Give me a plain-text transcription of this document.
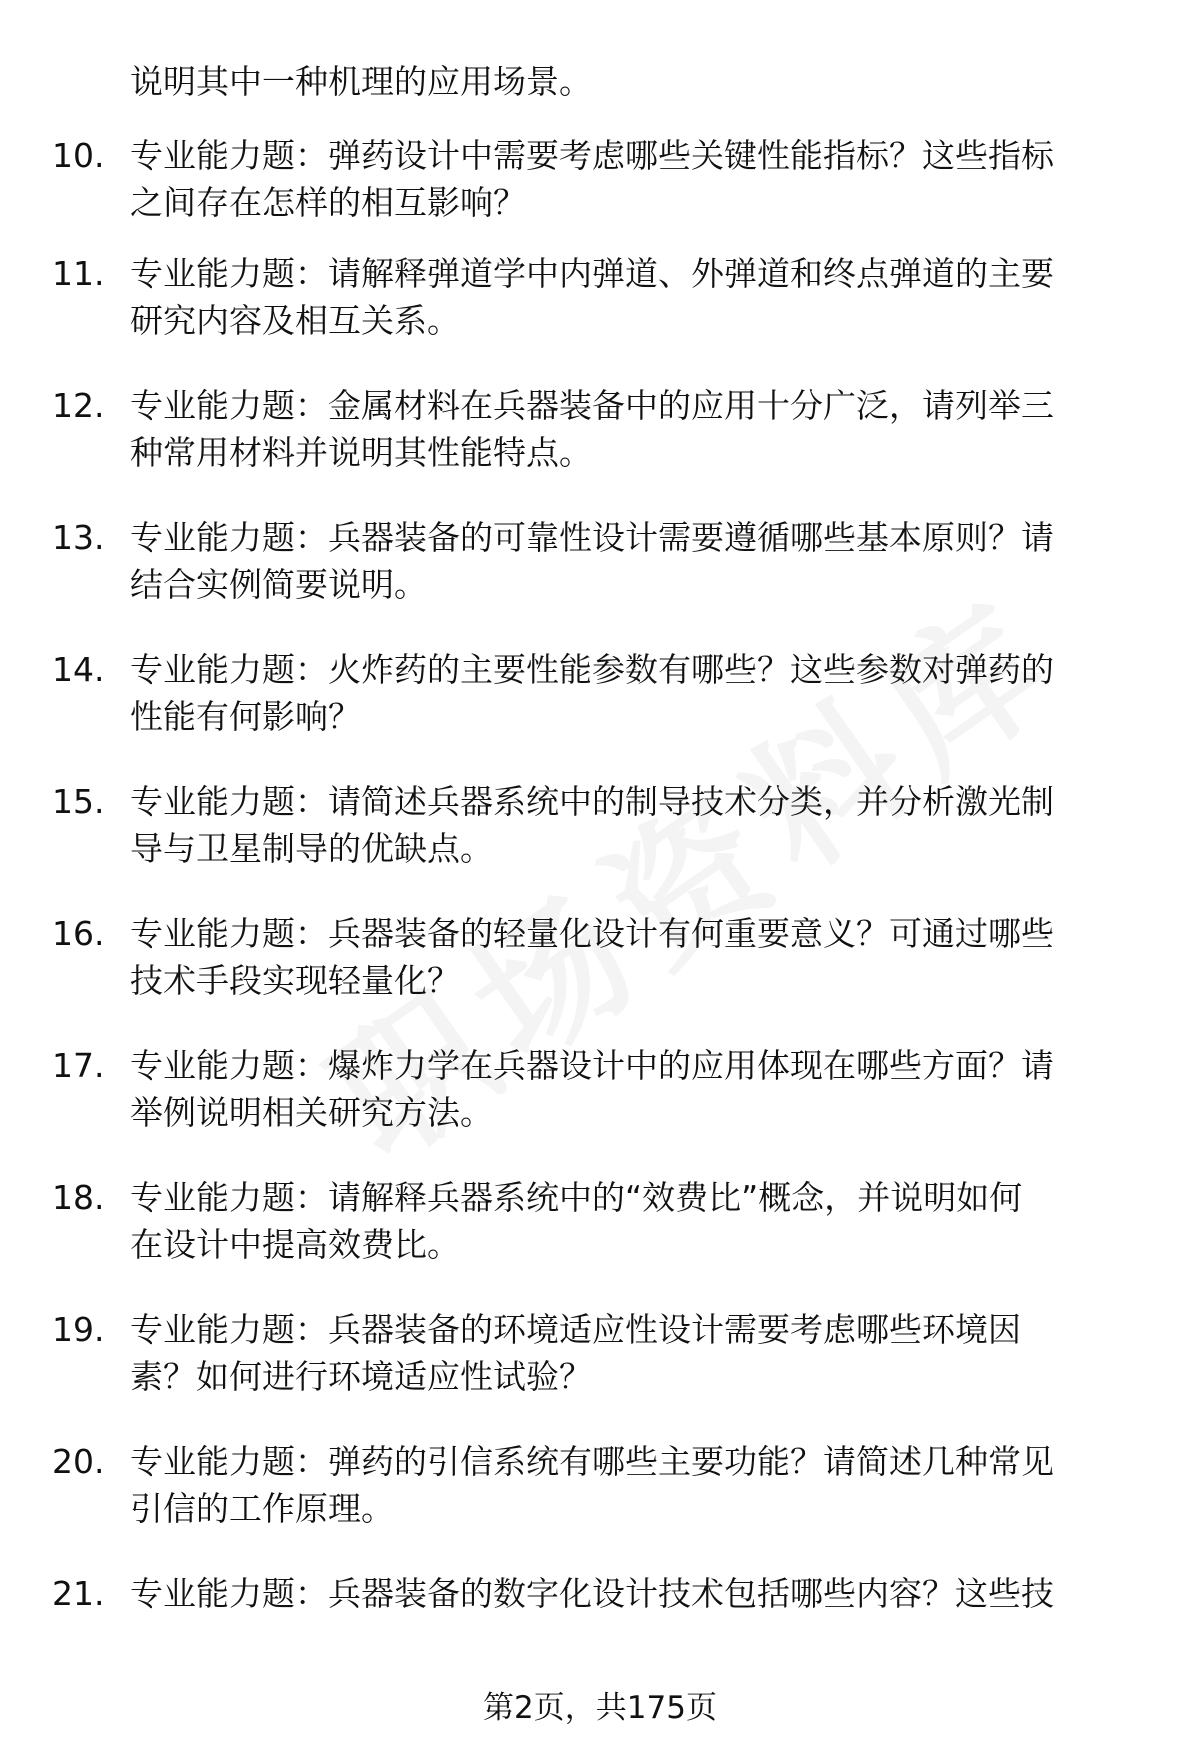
说明其中一种机理的应用场景。
10. 专业能力题：弹药设计中需要考虑哪些关键性能指标？这些指标
之间存在怎样的相互影响？
11. 专业能力题：请解释弹道学中内弹道、外弹道和终点弹道的主要
研究内容及相互关系。
12. 专业能力题：金属材料在兵器装备中的应用十分广泛，请列举三
种常用材料并说明其性能特点。
13. 专业能力题：兵器装备的可靠性设计需要遵循哪些基本原则？请
结合实例简要说明。
14. 专业能力题：火炸药的主要性能参数有哪些？这些参数对弹药的
性能有何影响？
15. 专业能力题：请简述兵器系统中的制导技术分类，并分析激光制
导与卫星制导的优缺点。
16. 专业能力题：兵器装备的轻量化设计有何重要意义？可通过哪些
技术手段实现轻量化？
17. 专业能力题：爆炸力学在兵器设计中的应用体现在哪些方面？请
举例说明相关研究方法。
18. 专业能力题：请解释兵器系统中的“效费比”概念，并说明如何
在设计中提高效费比。
19. 专业能力题：兵器装备的环境适应性设计需要考虑哪些环境因
素？如何进行环境适应性试验？
20. 专业能力题：弹药的引信系统有哪些主要功能？请简述几种常见
引信的工作原理。
21. 专业能力题：兵器装备的数字化设计技术包括哪些内容？这些技
第2页，共175页
